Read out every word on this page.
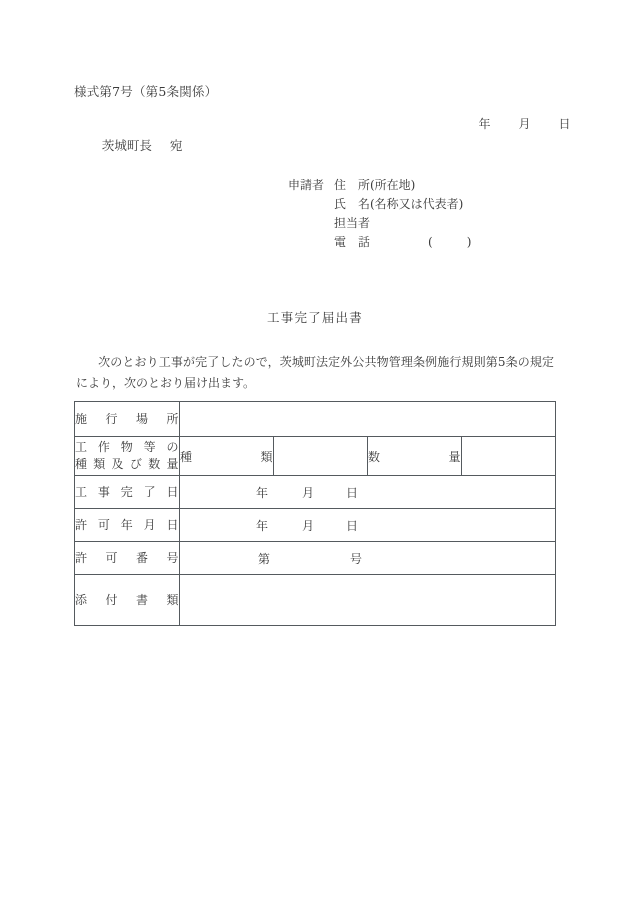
様式第7号（第5条関係）

年 月 日

茨城町長 宛

申請者 住　所(所在地)
氏　名(名称又は代表者)
担当者
電　話	(	)
工事完了届出書

次のとおり工事が完了したので，茨城町法定外公共物管理条例施行規則第5条の規定により，次のとおり届け出ます。

施行場所				

工作物等の
種類及び数量	種　類		数　量	

工事完了日	年 月 日			

許可年月日	年 月 日			

許可番号	第 号			

添付書類				
